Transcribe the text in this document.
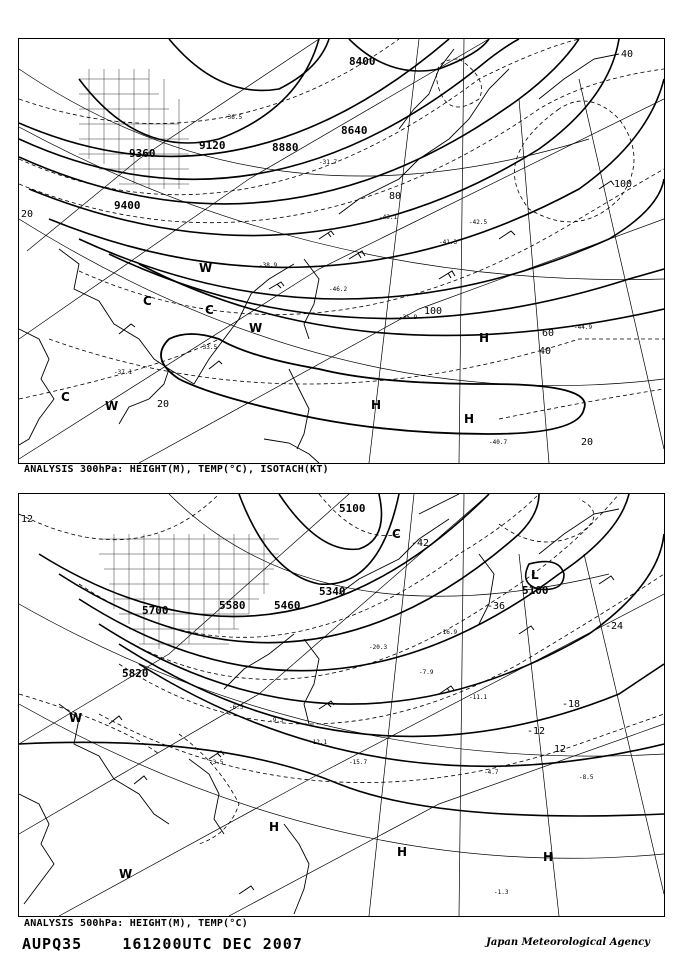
9360
9120	8880
8640
8400
9400
20
20
20
40
40
60
80
100
100
H
H
H
W
W
W
C
C
C
-36.5
-31.7
-43.1
-41.3
-38.9
-46.2
-33.5
-40.7
-35.9
-42.5
-37.1
-44.9
ANALYSIS 300hPa: HEIGHT(M), TEMP(°C), ISOTACH(KT)
5100
5100
5340
5460
5580
5700
5820
12
12
-36
-42
-24
-18
-12
H	H
H
L
W
W
C
-6.5
-9.3
-12.1
-15.7
-3.5
-20.3
-7.9
-11.1
-4.7
-16.9
-1.3
-8.5
ANALYSIS 500hPa: HEIGHT(M), TEMP(°C)
AUPQ35	161200UTC DEC 2007	Japan Meteorological Agency
